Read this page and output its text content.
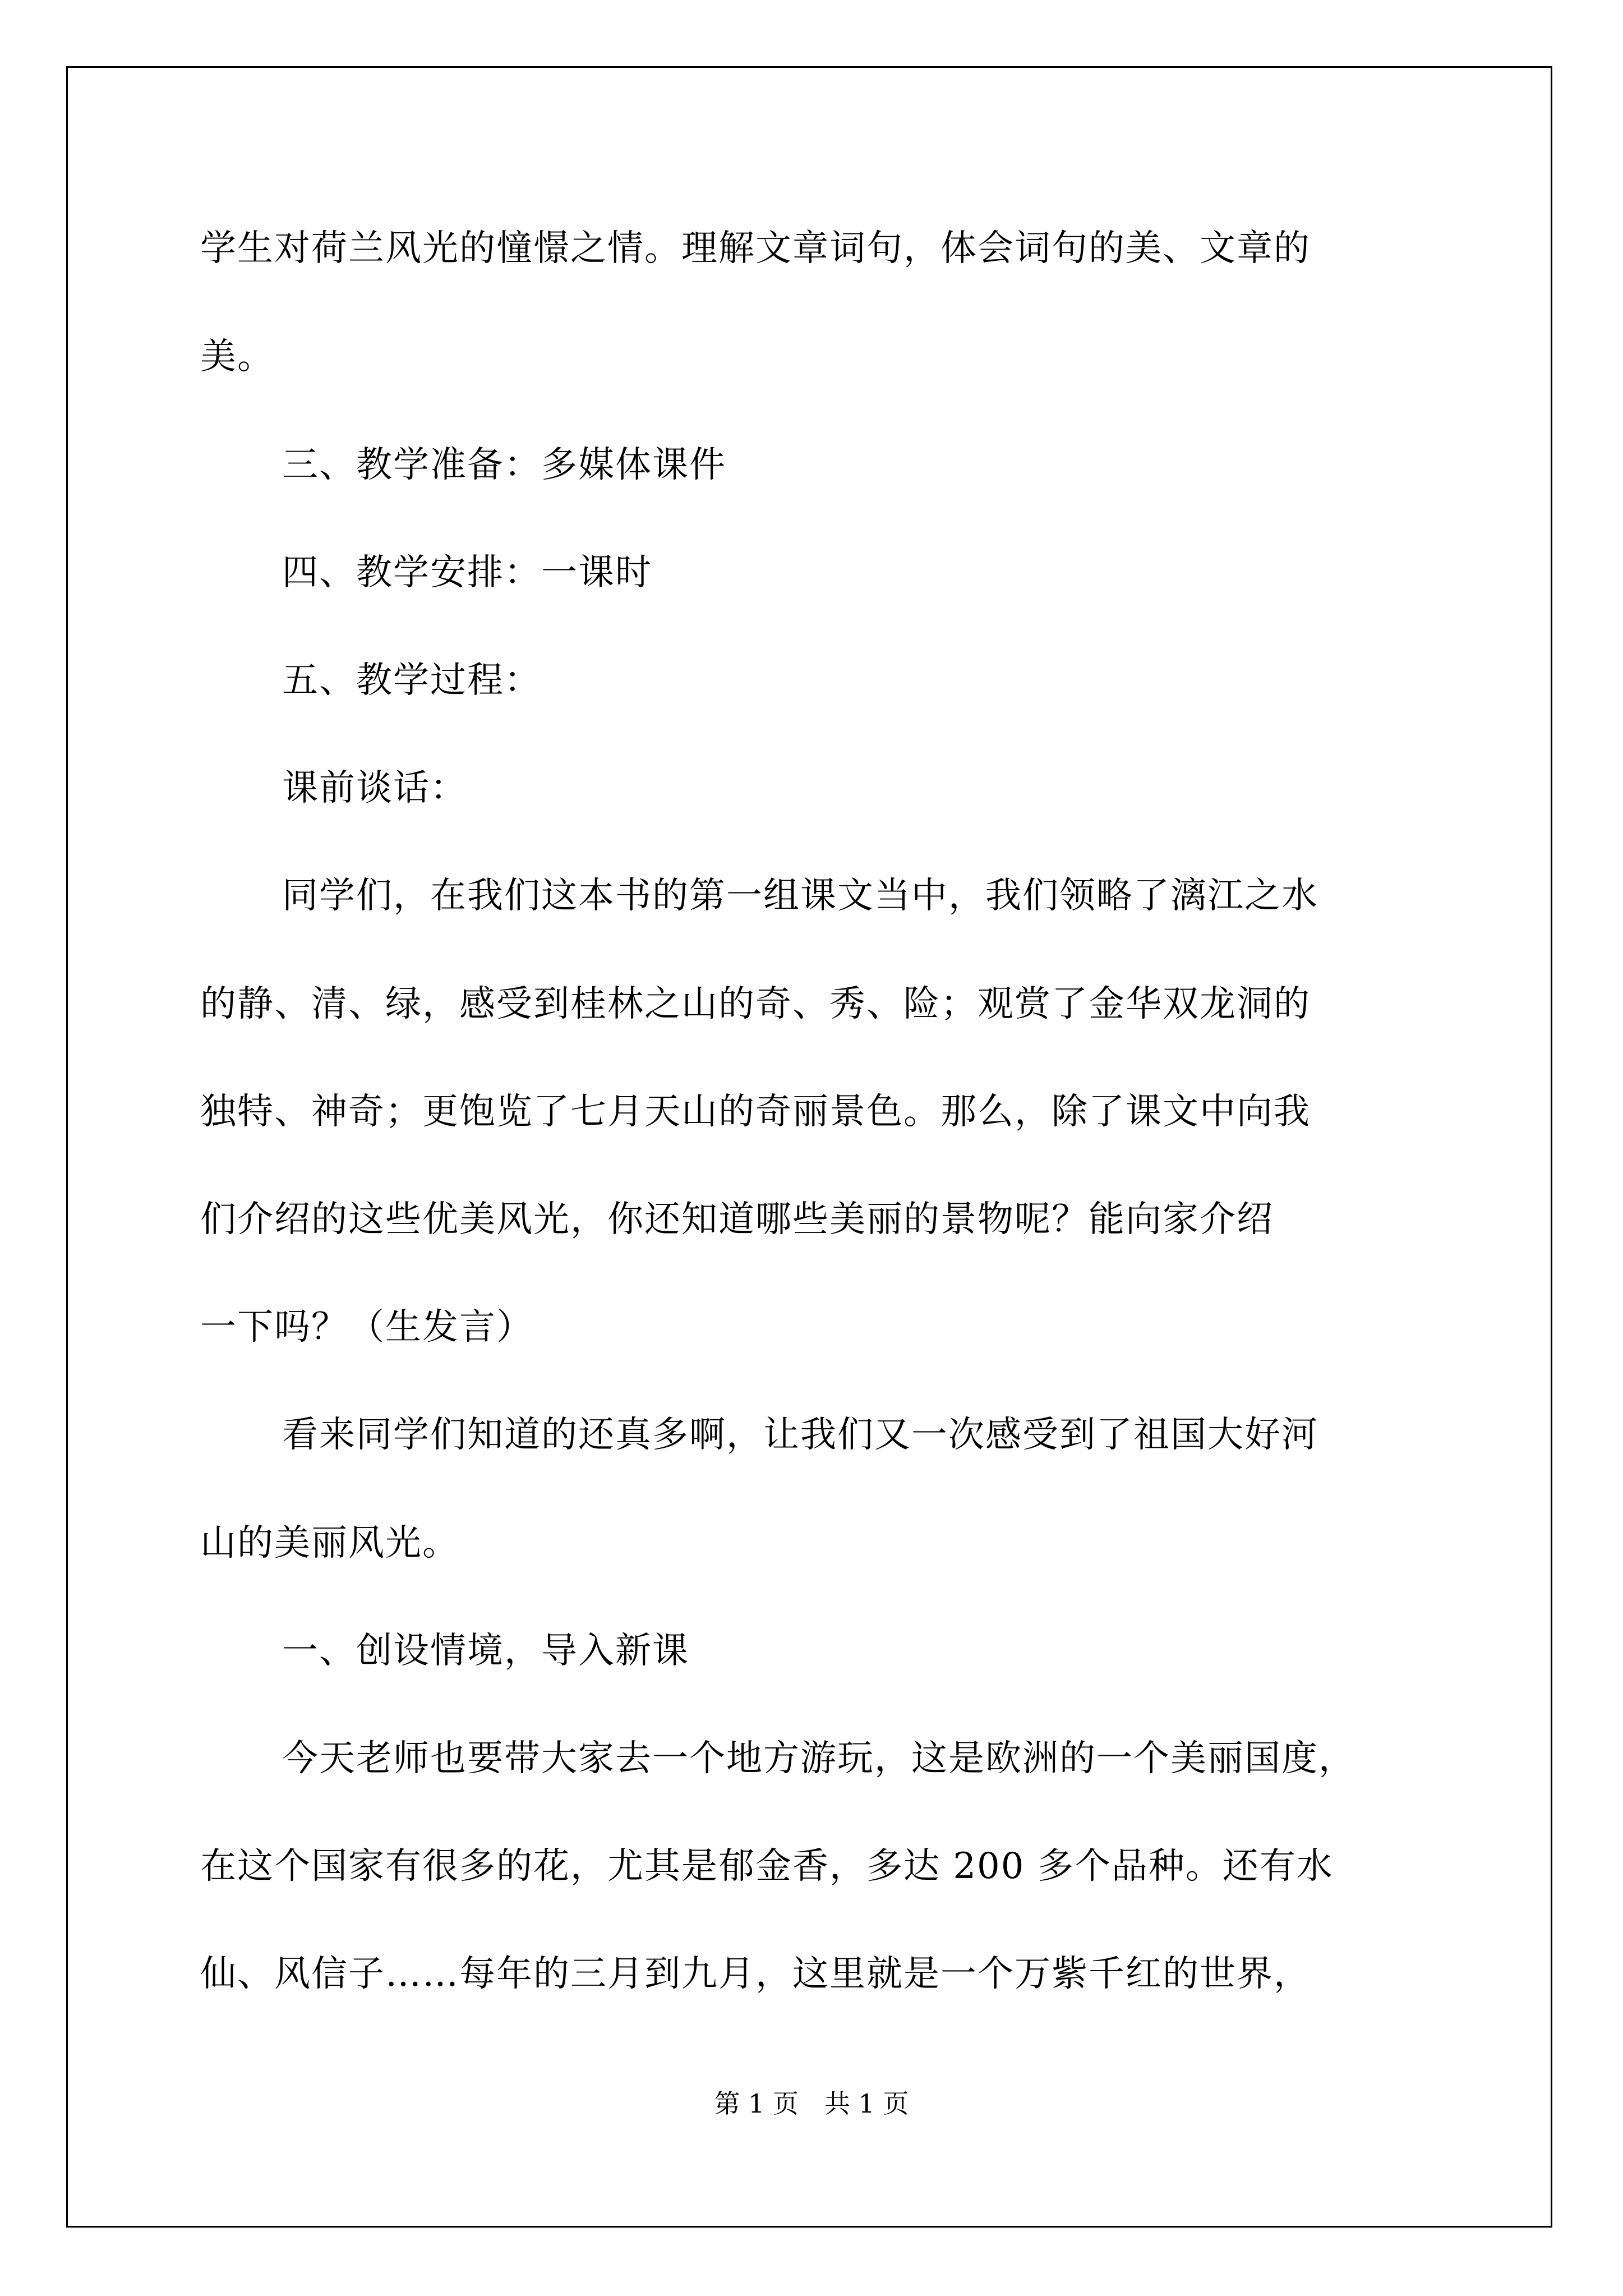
学生对荷兰风光的憧憬之情。理解文章词句，体会词句的美、文章的
美。
三、教学准备：多媒体课件
四、教学安排：一课时
五、教学过程：
课前谈话：
同学们，在我们这本书的第一组课文当中，我们领略了漓江之水
的静、清、绿，感受到桂林之山的奇、秀、险；观赏了金华双龙洞的
独特、神奇；更饱览了七月天山的奇丽景色。那么，除了课文中向我
们介绍的这些优美风光，你还知道哪些美丽的景物呢？能向家介绍
一下吗？（生发言）
看来同学们知道的还真多啊，让我们又一次感受到了祖国大好河
山的美丽风光。
一、创设情境，导入新课
今天老师也要带大家去一个地方游玩，这是欧洲的一个美丽国度，
在这个国家有很多的花，尤其是郁金香，多达 200 多个品种。还有水
仙、风信子……每年的三月到九月，这里就是一个万紫千红的世界，
第 1 页　共 1 页
